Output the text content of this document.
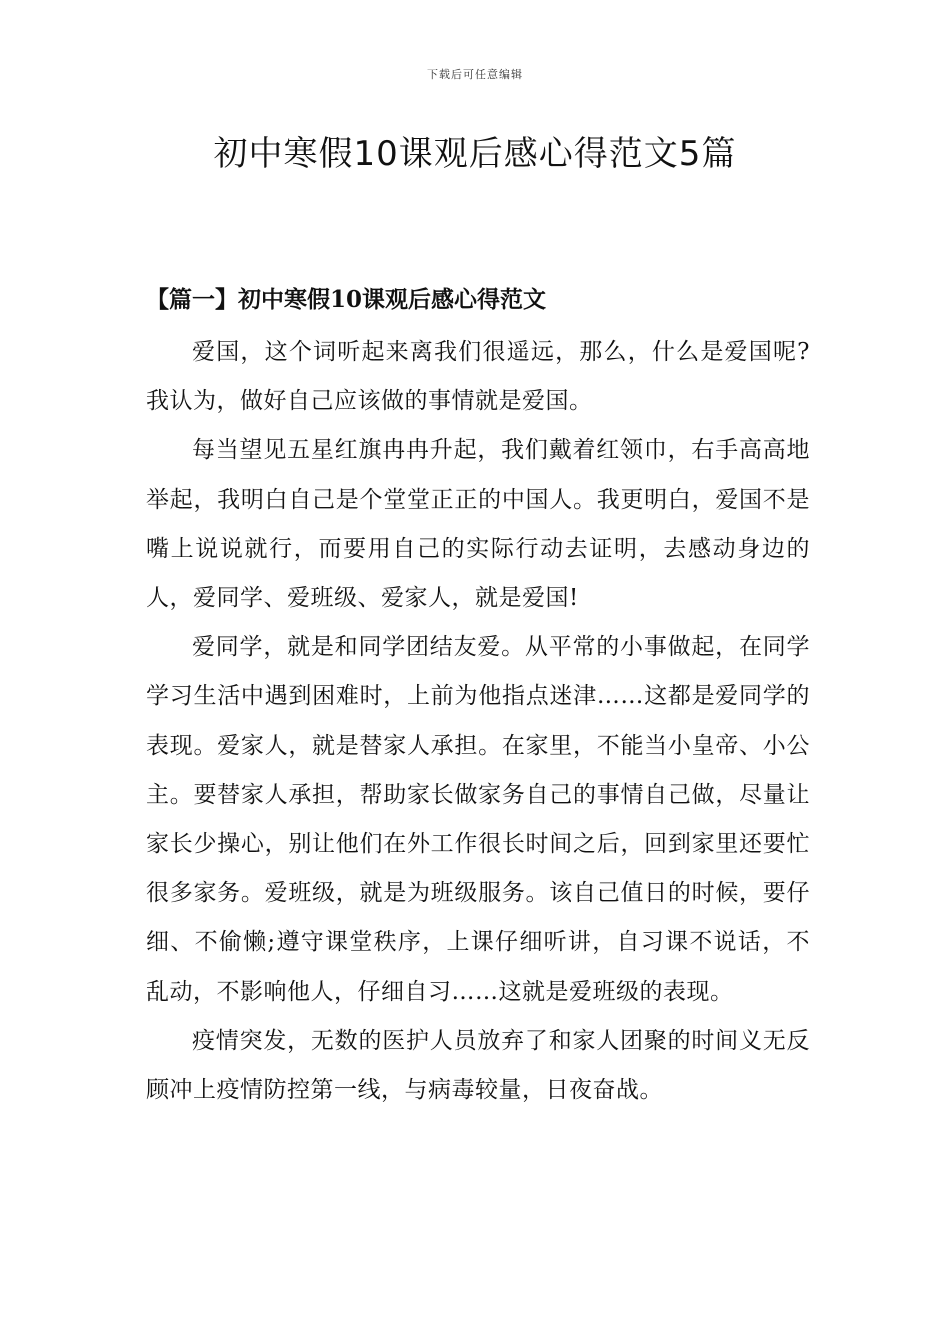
下载后可任意编辑
初中寒假10课观后感心得范文5篇
【篇一】初中寒假10课观后感心得范文

爱国，这个词听起来离我们很遥远，那么，什么是爱国呢?我认为，做好自己应该做的事情就是爱国。

每当望见五星红旗冉冉升起，我们戴着红领巾，右手高高地举起，我明白自己是个堂堂正正的中国人。我更明白，爱国不是嘴上说说就行，而要用自己的实际行动去证明，去感动身边的人，爱同学、爱班级、爱家人，就是爱国!

爱同学，就是和同学团结友爱。从平常的小事做起，在同学学习生活中遇到困难时，上前为他指点迷津……这都是爱同学的表现。爱家人，就是替家人承担。在家里，不能当小皇帝、小公主。要替家人承担，帮助家长做家务自己的事情自己做，尽量让家长少操心，别让他们在外工作很长时间之后，回到家里还要忙很多家务。爱班级，就是为班级服务。该自己值日的时候，要仔细、不偷懒;遵守课堂秩序，上课仔细听讲，自习课不说话，不乱动，不影响他人，仔细自习……这就是爱班级的表现。

疫情突发，无数的医护人员放弃了和家人团聚的时间义无反顾冲上疫情防控第一线，与病毒较量，日夜奋战。
